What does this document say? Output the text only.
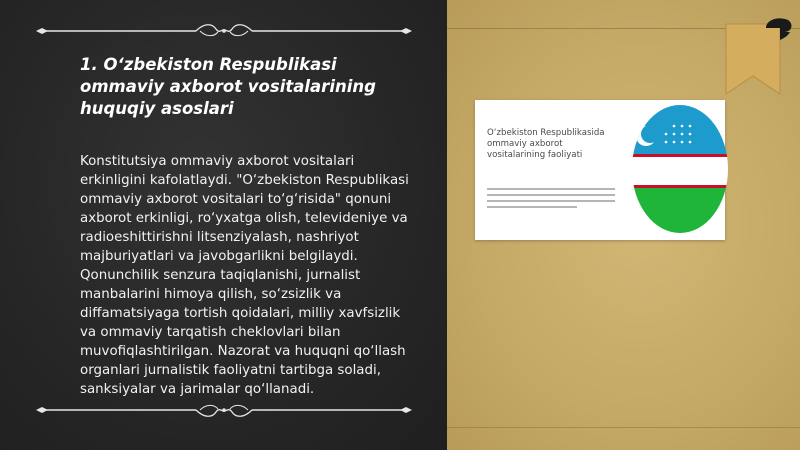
1. O‘zbekiston Respublikasi ommaviy axborot vositalarining huquqiy asoslari

Konstitutsiya ommaviy axborot vositalari erkinligini kafolatlaydi. "O‘zbekiston Respublikasi ommaviy axborot vositalari to‘g‘risida" qonuni axborot erkinligi, ro‘yxatga olish, televideniye va radioeshittirishni litsenziyalash, nashriyot majburiyatlari va javobgarlikni belgilaydi. Qonunchilik senzura taqiqlanishi, jurnalist manbalarini himoya qilish, so‘zsizlik va diffamatsiyaga tortish qoidalari, milliy xavfsizlik va ommaviy tarqatish cheklovlari bilan muvofiqlashtirilgan. Nazorat va huquqni qo‘llash organlari jurnalistik faoliyatni tartibga soladi, sanksiyalar va jarimalar qo‘llanadi.

O‘zbekiston Respublikasida ommaviy axborot vositalarining faoliyati
